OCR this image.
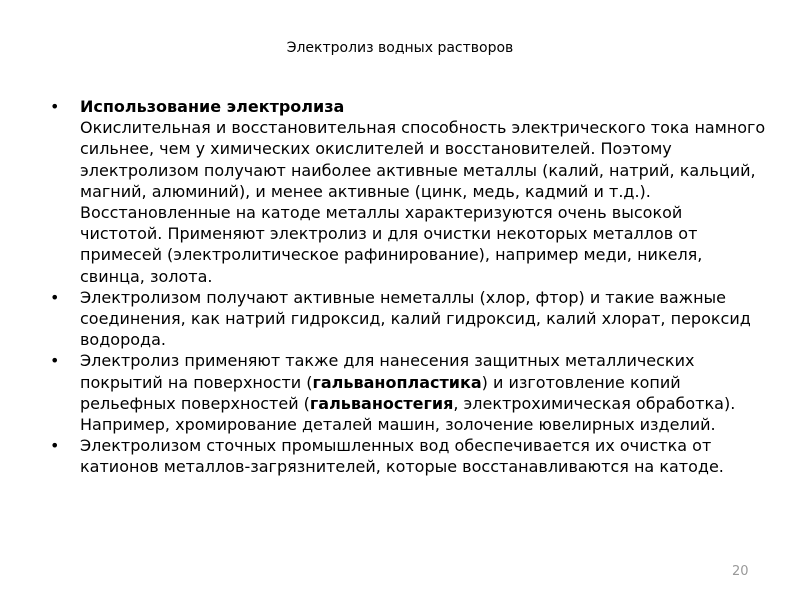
Электролиз водных растворов
• Использование электролиза
Окислительная и восстановительная способность электрического тока намного сильнее, чем у химических окислителей и восстановителей. Поэтому электролизом получают наиболее активные металлы (калий, натрий, кальций, магний, алюминий), и менее активные (цинк, медь, кадмий и т.д.). Восстановленные на катоде металлы характеризуются очень высокой чистотой. Применяют электролиз и для очистки некоторых металлов от примесей (электролитическое рафинирование), например меди, никеля, свинца, золота.
• Электролизом получают активные неметаллы (хлор, фтор) и такие важные соединения, как натрий гидроксид, калий гидроксид, калий хлорат, пероксид водорода.
• Электролиз применяют также для нанесения защитных металлических покрытий на поверхности (гальванопластика) и изготовление копий рельефных поверхностей (гальваностегия, электрохимическая обработка). Например, хромирование деталей машин, золочение ювелирных изделий.
• Электролизом сточных промышленных вод обеспечивается их очистка от катионов металлов-загрязнителей, которые восстанавливаются на катоде.
20
